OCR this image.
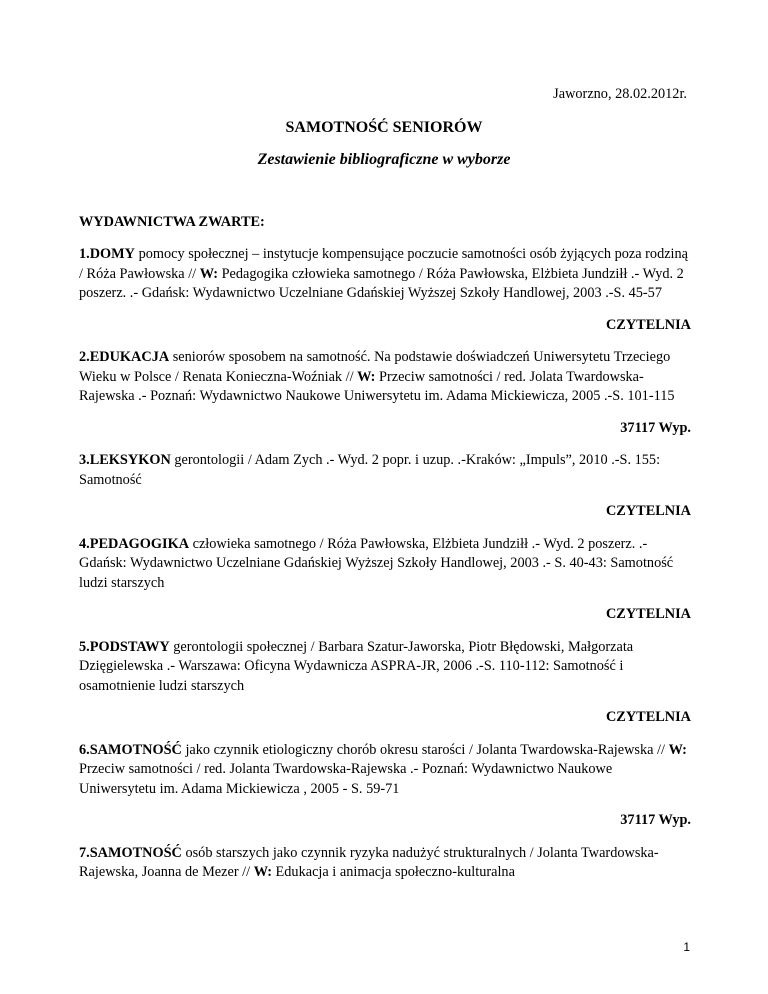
Jaworzno, 28.02.2012r.
SAMOTNOŚĆ SENIORÓW
Zestawienie bibliograficzne w wyborze
WYDAWNICTWA ZWARTE:

1.DOMY pomocy społecznej – instytucje kompensujące poczucie samotności osób żyjących poza rodziną / Róża Pawłowska // W: Pedagogika człowieka samotnego / Róża Pawłowska, Elżbieta Jundziłł .- Wyd. 2 poszerz. .- Gdańsk: Wydawnictwo Uczelniane Gdańskiej Wyższej Szkoły Handlowej, 2003 .-S. 45-57

CZYTELNIA

2.EDUKACJA seniorów sposobem na samotność. Na podstawie doświadczeń Uniwersytetu Trzeciego Wieku w Polsce / Renata Konieczna-Woźniak // W: Przeciw samotności / red. Jolata Twardowska-Rajewska .- Poznań: Wydawnictwo Naukowe Uniwersytetu im. Adama Mickiewicza, 2005 .-S. 101-115

37117 Wyp.

3.LEKSYKON gerontologii / Adam Zych .- Wyd. 2 popr. i uzup. .-Kraków: „Impuls”, 2010 .-S. 155: Samotność

CZYTELNIA

4.PEDAGOGIKA człowieka samotnego / Róża Pawłowska, Elżbieta Jundziłł .- Wyd. 2 poszerz. .- Gdańsk: Wydawnictwo Uczelniane Gdańskiej Wyższej Szkoły Handlowej, 2003 .- S. 40-43: Samotność ludzi starszych

CZYTELNIA

5.PODSTAWY gerontologii społecznej / Barbara Szatur-Jaworska, Piotr Błędowski, Małgorzata Dzięgielewska .- Warszawa: Oficyna Wydawnicza ASPRA-JR, 2006 .-S. 110-112: Samotność i osamotnienie ludzi starszych

CZYTELNIA

6.SAMOTNOŚĆ jako czynnik etiologiczny chorób okresu starości / Jolanta Twardowska-Rajewska // W: Przeciw samotności / red. Jolanta Twardowska-Rajewska .- Poznań: Wydawnictwo Naukowe Uniwersytetu im. Adama Mickiewicza , 2005 - S. 59-71

37117 Wyp.

7.SAMOTNOŚĆ osób starszych jako czynnik ryzyka nadużyć strukturalnych / Jolanta Twardowska-Rajewska, Joanna de Mezer // W: Edukacja i animacja społeczno-kulturalna

1
